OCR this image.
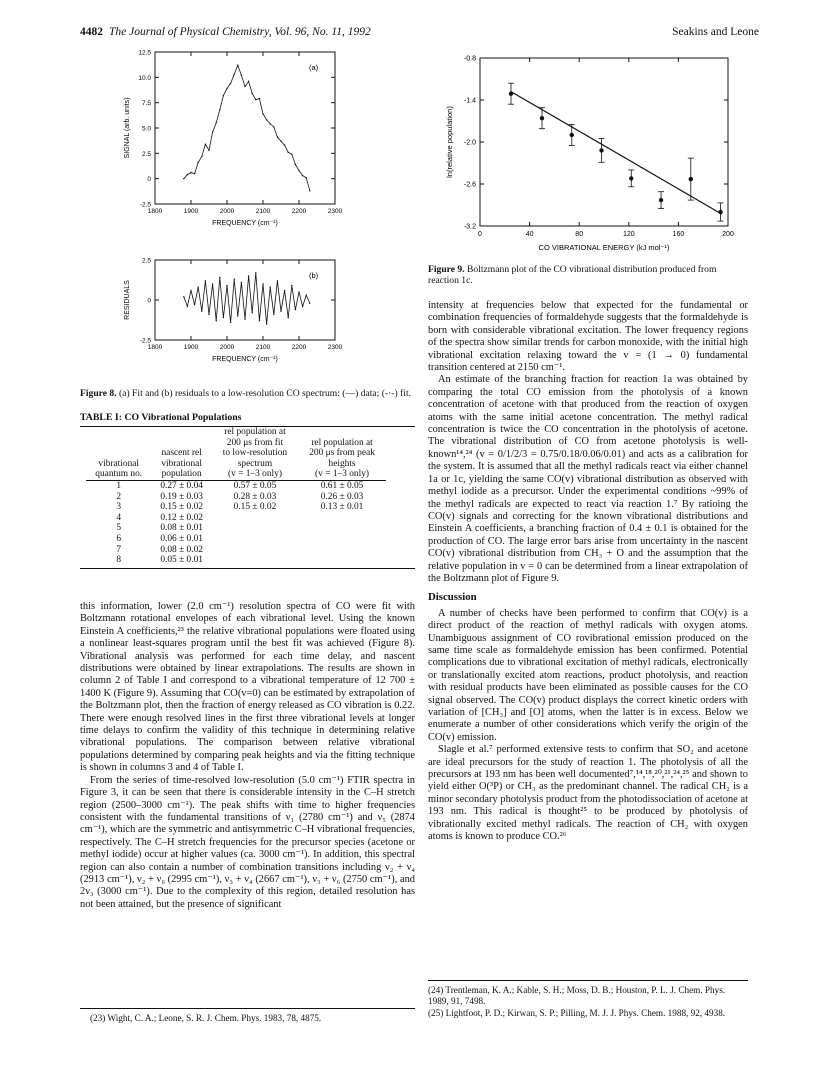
4482 The Journal of Physical Chemistry, Vol. 96, No. 11, 1992	Seakins and Leone
1800	1900	2000	2100	2200	2300
-2.5
0
2.5
5.0
7.5
10.0
12.5
(a)
SIGNAL (arb. units)
FREQUENCY (cm⁻¹)
1800	1900	2000	2100	2200	2300
-2.5
0
2.5
(b)
RESIDUALS
FREQUENCY (cm⁻¹)
Figure 8. (a) Fit and (b) residuals to a low-resolution CO spectrum: (—) data; (-·-) fit.
TABLE I: CO Vibrational Populations
		rel population at	
		200 μs from fit	rel population at
	nascent rel	to low-resolution	200 μs from peak
vibrational	vibrational	spectrum	heights
quantum no.	population	(v = 1–3 only)	(v = 1–3 only)
1	0.27 ± 0.04	0.57 ± 0.05	0.61 ± 0.05
2	0.19 ± 0.03	0.28 ± 0.03	0.26 ± 0.03
3	0.15 ± 0.02	0.15 ± 0.02	0.13 ± 0.01
4	0.12 ± 0.02		
5	0.08 ± 0.01		
6	0.06 ± 0.01		
7	0.08 ± 0.02		
8	0.05 ± 0.01		

this information, lower (2.0 cm⁻¹) resolution spectra of CO were fit with Boltzmann rotational envelopes of each vibrational level. Using the known Einstein A coefficients,²³ the relative vibrational populations were floated using a nonlinear least-squares program until the best fit was achieved (Figure 8). Vibrational analysis was performed for each time delay, and nascent distributions were obtained by linear extrapolations. The results are shown in column 2 of Table I and correspond to a vibrational temperature of 12 700 ± 1400 K (Figure 9). Assuming that CO(v=0) can be estimated by extrapolation of the Boltzmann plot, then the fraction of energy released as CO vibration is 0.22. There were enough resolved lines in the first three vibrational levels at longer time delays to confirm the validity of this technique in determining relative vibrational populations. The comparison between relative vibrational populations determined by comparing peak heights and via the fitting technique is shown in columns 3 and 4 of Table I.

From the series of time-resolved low-resolution (5.0 cm⁻¹) FTIR spectra in Figure 3, it can be seen that there is considerable intensity in the C–H stretch region (2500–3000 cm⁻¹). The peak shifts with time to higher frequencies consistent with the fundamental transitions of ν₁ (2780 cm⁻¹) and ν₅ (2874 cm⁻¹), which are the symmetric and antisymmetric C–H vibrational frequencies, respectively. The C–H stretch frequencies for the precursor species (acetone or methyl iodide) occur at higher values (ca. 3000 cm⁻¹). In addition, this spectral region can also contain a number of combination transitions including ν₂ + ν₄ (2913 cm⁻¹), ν₂ + ν₆ (2995 cm⁻¹), ν₃ + ν₄ (2667 cm⁻¹), ν₃ + ν₆ (2750 cm⁻¹), and 2ν₃ (3000 cm⁻¹). Due to the complexity of this region, detailed resolution has not been attained, but the presence of significant

(23) Wight, C. A.; Leone, S. R. J. Chem. Phys. 1983, 78, 4875.
0	40	80	120	160	200
-0.8
-1.4
-2.0
-2.6
-3.2
ln(relative population)
CO VIBRATIONAL ENERGY (kJ mol⁻¹)
Figure 9. Boltzmann plot of the CO vibrational distribution produced from reaction 1c.

intensity at frequencies below that expected for the fundamental or combination frequencies of formaldehyde suggests that the formaldehyde is born with considerable vibrational excitation. The lower frequency regions of the spectra show similar trends for carbon monoxide, with the initial high vibrational excitation relaxing toward the v = (1 → 0) fundamental transition centered at 2150 cm⁻¹.

An estimate of the branching fraction for reaction 1a was obtained by comparing the total CO emission from the photolysis of a known concentration of acetone with that produced from the reaction of oxygen atoms with the same initial acetone concentration. The methyl radical concentration is twice the CO concentration in the photolysis of acetone. The vibrational distribution of CO from acetone photolysis is well-known¹⁴,²⁴ (v = 0/1/2/3 = 0.75/0.18/0.06/0.01) and acts as a calibration for the system. It is assumed that all the methyl radicals react via either channel 1a or 1c, yielding the same CO(v) vibrational distribution as observed with methyl iodide as a precursor. Under the experimental conditions ~99% of the methyl radicals are expected to react via reaction 1.⁷ By ratioing the CO(v) signals and correcting for the known vibrational distributions and Einstein A coefficients, a branching fraction of 0.4 ± 0.1 is obtained for the production of CO. The large error bars arise from uncertainty in the nascent CO(v) vibrational distribution from CH₃ + O and the assumption that the relative population in v = 0 can be determined from a linear extrapolation of the Boltzmann plot of Figure 9.

Discussion

A number of checks have been performed to confirm that CO(v) is a direct product of the reaction of methyl radicals with oxygen atoms. Unambiguous assignment of CO rovibrational emission produced on the same time scale as formaldehyde emission has been confirmed. Potential complications due to vibrational excitation of methyl radicals, electronically or translationally excited atom reactions, product photolysis, and reaction with residual products have been eliminated as possible causes for the CO signal observed. The CO(v) product displays the correct kinetic orders with variation of [CH₃] and [O] atoms, when the latter is in excess. Below we enumerate a number of other considerations which verify the origin of the CO(v) emission.

Slagle et al.⁷ performed extensive tests to confirm that SO₂ and acetone are ideal precursors for the study of reaction 1. The photolysis of all the precursors at 193 nm has been well documented⁷,¹⁴,¹⁸,²⁰,²¹,²⁴,²⁵ and shown to yield either O(³P) or CH₃ as the predominant channel. The radical CH₂ is a minor secondary photolysis product from the photodissociation of acetone at 193 nm. This radical is thought²⁵ to be produced by photolysis of vibrationally excited methyl radicals. The reaction of CH₂ with oxygen atoms is known to produce CO.²⁶

(24) Trentleman, K. A.; Kable, S. H.; Moss, D. B.; Houston, P. L. J. Chem. Phys. 1989, 91, 7498.
(25) Lightfoot, P. D.; Kirwan, S. P.; Pilling, M. J. J. Phys. Chem. 1988, 92, 4938.
